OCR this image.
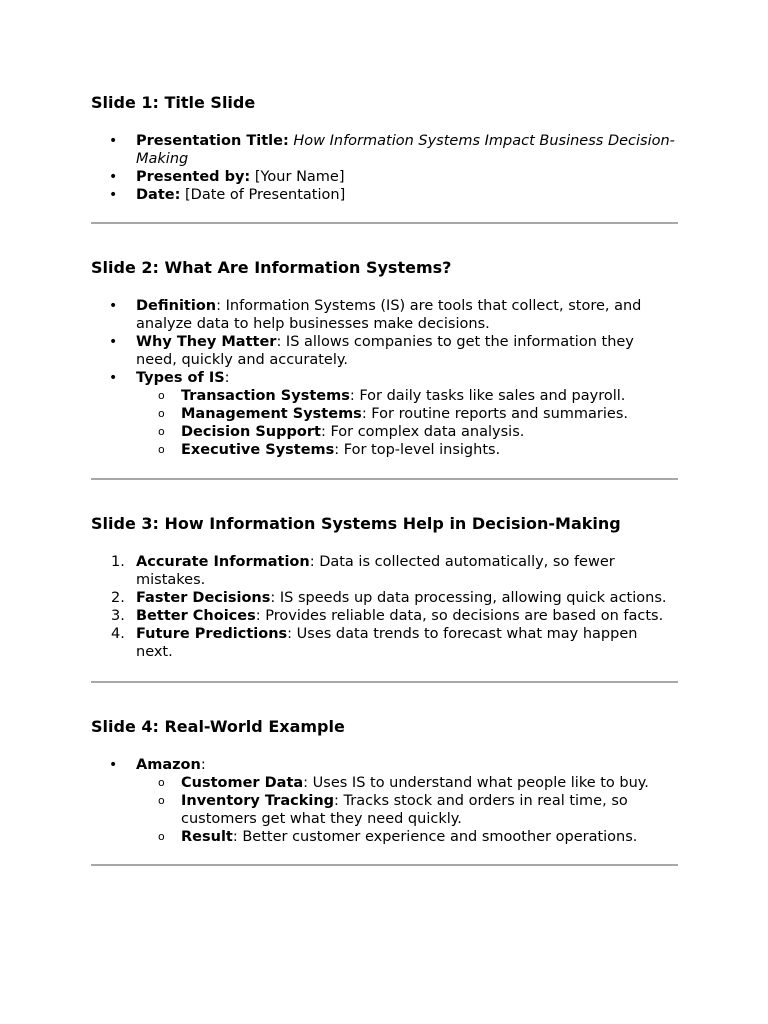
Slide 1: Title Slide
•	Presentation Title: How Information Systems Impact Business Decision-Making
•	Presented by: [Your Name]
•	Date: [Date of Presentation]
Slide 2: What Are Information Systems?
•	Definition: Information Systems (IS) are tools that collect, store, and analyze data to help businesses make decisions.
•	Why They Matter: IS allows companies to get the information they need, quickly and accurately.
•	Types of IS:
o Transaction Systems: For daily tasks like sales and payroll.
o Management Systems: For routine reports and summaries.
o Decision Support: For complex data analysis.
o Executive Systems: For top-level insights.
Slide 3: How Information Systems Help in Decision-Making
1. Accurate Information: Data is collected automatically, so fewer mistakes.
2. Faster Decisions: IS speeds up data processing, allowing quick actions.
3. Better Choices: Provides reliable data, so decisions are based on facts.
4. Future Predictions: Uses data trends to forecast what may happen next.
Slide 4: Real-World Example
•	Amazon:
o Customer Data: Uses IS to understand what people like to buy.
o Inventory Tracking: Tracks stock and orders in real time, so customers get what they need quickly.
o Result: Better customer experience and smoother operations.
